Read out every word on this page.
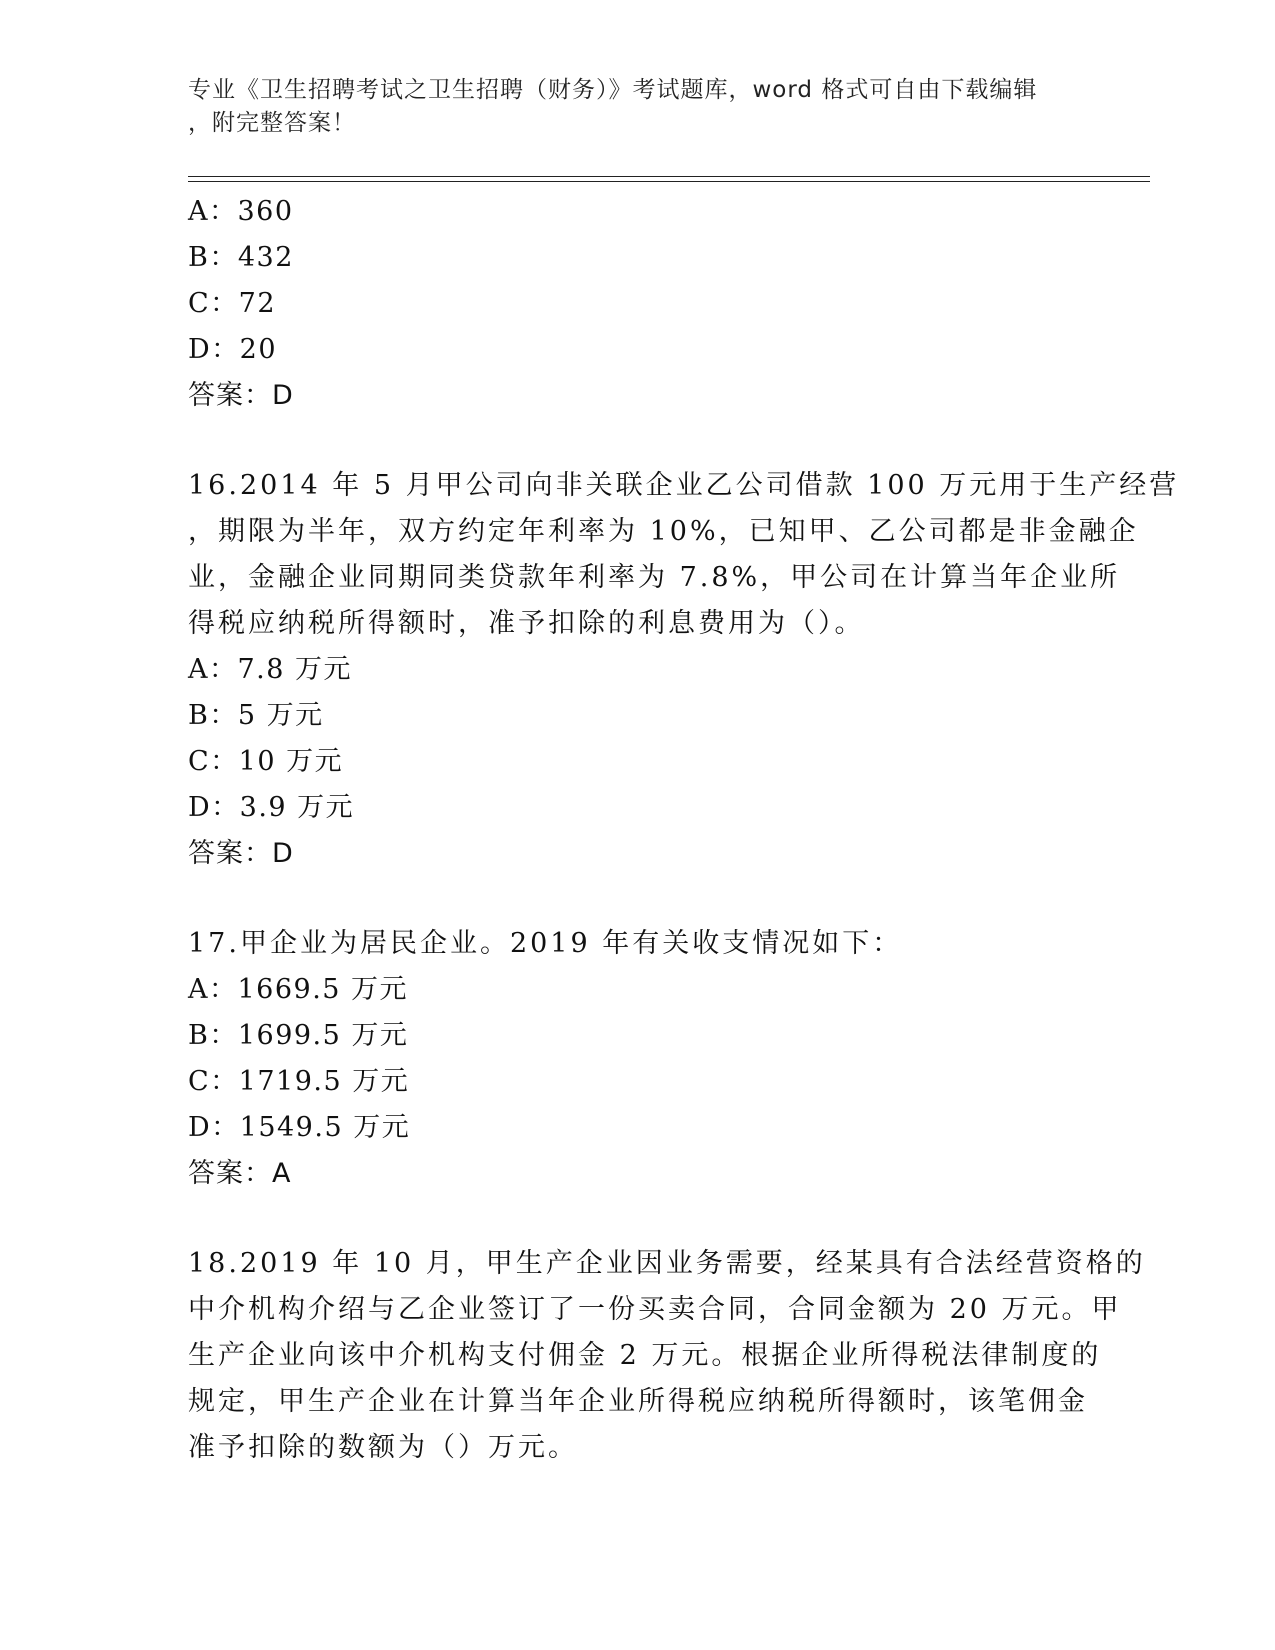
专业《卫生招聘考试之卫生招聘（财务）》考试题库，word 格式可自由下载编辑
，附完整答案！
A：360
B：432
C：72
D：20
答案：D
16.2014 年 5 月甲公司向非关联企业乙公司借款 100 万元用于生产经营
，期限为半年，双方约定年利率为 10%，已知甲、乙公司都是非金融企
业，金融企业同期同类贷款年利率为 7.8%，甲公司在计算当年企业所
得税应纳税所得额时，准予扣除的利息费用为（）。
A：7.8 万元
B：5 万元
C：10 万元
D：3.9 万元
答案：D
17.甲企业为居民企业。2019 年有关收支情况如下：
A：1669.5 万元
B：1699.5 万元
C：1719.5 万元
D：1549.5 万元
答案：A
18.2019 年 10 月，甲生产企业因业务需要，经某具有合法经营资格的
中介机构介绍与乙企业签订了一份买卖合同，合同金额为 20 万元。甲
生产企业向该中介机构支付佣金 2 万元。根据企业所得税法律制度的
规定，甲生产企业在计算当年企业所得税应纳税所得额时，该笔佣金
准予扣除的数额为（）万元。
